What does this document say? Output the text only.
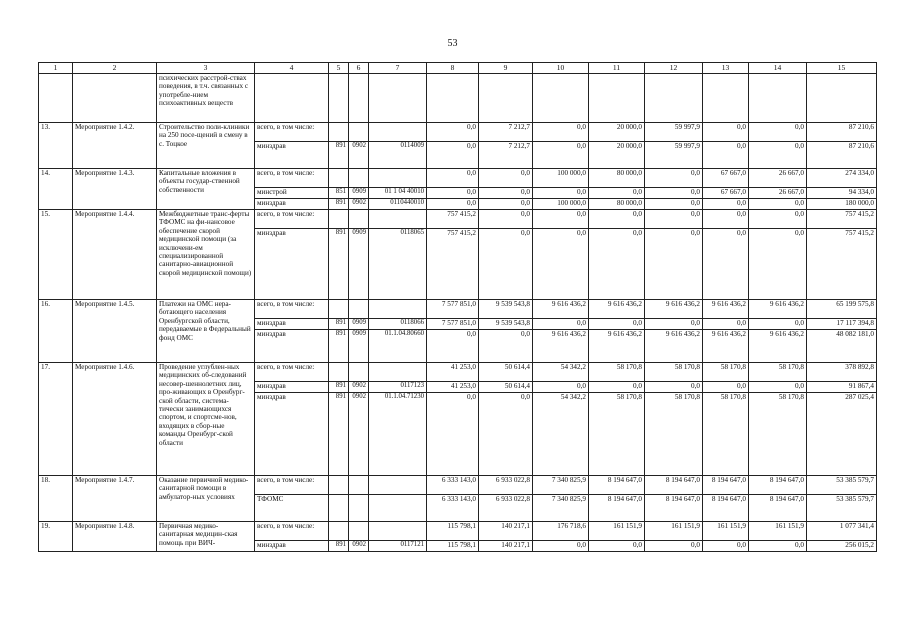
53
1	2	3	4	5	6	7	8	9	10	11	12	13	14	15
		психических расстрой-ствах поведения, в т.ч. связанных с употребле-нием психоактивных веществ												
13.	Мероприятие 1.4.2.	Строительство поли-клиники на 250 посе-щений в смену в с. Тоцкое	всего, в том числе:				0,0	7 212,7	0,0	20 000,0	59 997,9	0,0	0,0	87 210,6
			минздрав	891	0902	0114009	0,0	7 212,7	0,0	20 000,0	59 997,9	0,0	0,0	87 210,6
14.	Мероприятие 1.4.3.	Капитальные вложения в объекты государ-ственной собственности	всего, в том числе:				0,0	0,0	100 000,0	80 000,0	0,0	67 667,0	26 667,0	274 334,0
			минстрой	851	0909	01 1 04 40010	0,0	0,0	0,0	0,0	0,0	67 667,0	26 667,0	94 334,0
			минздрав	891	0902	0110440010	0,0	0,0	100 000,0	80 000,0	0,0	0,0	0,0	180 000,0
15.	Мероприятие 1.4.4.	Межбюджетные транс-ферты ТФОМС на фи-нансовое обеспечение скорой медицинской помощи (за исключени-ем специализированной санитарно-авиационной скорой медицинской помощи)	всего, в том числе:				757 415,2	0,0	0,0	0,0	0,0	0,0	0,0	757 415,2
			минздрав	891	0909	0118065	757 415,2	0,0	0,0	0,0	0,0	0,0	0,0	757 415,2
16.	Мероприятие 1.4.5.	Платежи на ОМС нера-ботающего населения Оренбургской области, передаваемые в Федеральный фонд ОМС	всего, в том числе:				7 577 851,0	9 539 543,8	9 616 436,2	9 616 436,2	9 616 436,2	9 616 436,2	9 616 436,2	65 199 575,8
			минздрав	891	0909	0118066	7 577 851,0	9 539 543,8	0,0	0,0	0,0	0,0	0,0	17 117 394,8
			минздрав	891	0909	01.1.04.80660	0,0	0,0	9 616 436,2	9 616 436,2	9 616 436,2	9 616 436,2	9 616 436,2	48 082 181,0
17.	Мероприятие 1.4.6.	Проведение углублен-ных медицинских об-следований несовер-шеннолетних лиц, про-живающих в Оренбург-ской области, система-тически занимающихся спортом, и спортсме-нов, входящих в сбор-ные команды Оренбург-ской области	всего, в том числе:				41 253,0	50 614,4	54 342,2	58 170,8	58 170,8	58 170,8	58 170,8	378 892,8
			минздрав	891	0902	0117123	41 253,0	50 614,4	0,0	0,0	0,0	0,0	0,0	91 867,4
			минздрав	891	0902	01.1.04.71230	0,0	0,0	54 342,2	58 170,8	58 170,8	58 170,8	58 170,8	287 025,4
18.	Мероприятие 1.4.7.	Оказание первичной медико-санитарной помощи в амбулатор-ных условиях	всего, в том числе:				6 333 143,0	6 933 022,8	7 340 825,9	8 194 647,0	8 194 647,0	8 194 647,0	8 194 647,0	53 385 579,7
			ТФОМС				6 333 143,0	6 933 022,8	7 340 825,9	8 194 647,0	8 194 647,0	8 194 647,0	8 194 647,0	53 385 579,7
19.	Мероприятие 1.4.8.	Первичная медико-санитарная медицин-ская помощь при ВИЧ-	всего, в том числе:				115 798,1	140 217,1	176 718,6	161 151,9	161 151,9	161 151,9	161 151,9	1 077 341,4
			минздрав	891	0902	0117121	115 798,1	140 217,1	0,0	0,0	0,0	0,0	0,0	256 015,2
